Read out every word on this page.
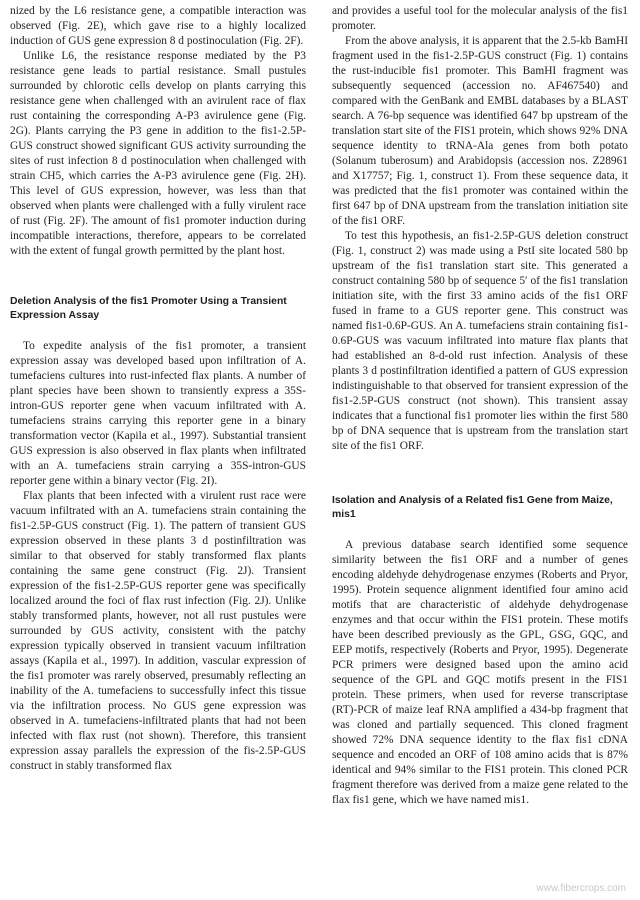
nized by the L6 resistance gene, a compatible interaction was observed (Fig. 2E), which gave rise to a highly localized induction of GUS gene expression 8 d postinoculation (Fig. 2F).

Unlike L6, the resistance response mediated by the P3 resistance gene leads to partial resistance. Small pustules surrounded by chlorotic cells develop on plants carrying this resistance gene when challenged with an avirulent race of flax rust containing the corresponding A-P3 avirulence gene (Fig. 2G). Plants carrying the P3 gene in addition to the fis1-2.5P-GUS construct showed significant GUS activity surrounding the sites of rust infection 8 d postinoculation when challenged with strain CH5, which carries the A-P3 avirulence gene (Fig. 2H). This level of GUS expression, however, was less than that observed when plants were challenged with a fully virulent race of rust (Fig. 2F). The amount of fis1 promoter induction during incompatible interactions, therefore, appears to be correlated with the extent of fungal growth permitted by the plant host.

Deletion Analysis of the fis1 Promoter Using a Transient Expression Assay

To expedite analysis of the fis1 promoter, a transient expression assay was developed based upon infiltration of A. tumefaciens cultures into rust-infected flax plants. A number of plant species have been shown to transiently express a 35S-intron-GUS reporter gene when vacuum infiltrated with A. tumefaciens strains carrying this reporter gene in a binary transformation vector (Kapila et al., 1997). Substantial transient GUS expression is also observed in flax plants when infiltrated with an A. tumefaciens strain carrying a 35S-intron-GUS reporter gene within a binary vector (Fig. 2I).

Flax plants that been infected with a virulent rust race were vacuum infiltrated with an A. tumefaciens strain containing the fis1-2.5P-GUS construct (Fig. 1). The pattern of transient GUS expression observed in these plants 3 d postinfiltration was similar to that observed for stably transformed flax plants containing the same gene construct (Fig. 2J). Transient expression of the fis1-2.5P-GUS reporter gene was specifically localized around the foci of flax rust infection (Fig. 2J). Unlike stably transformed plants, however, not all rust pustules were surrounded by GUS activity, consistent with the patchy expression typically observed in transient vacuum infiltration assays (Kapila et al., 1997). In addition, vascular expression of the fis1 promoter was rarely observed, presumably reflecting an inability of the A. tumefaciens to successfully infect this tissue via the infiltration process. No GUS gene expression was observed in A. tumefaciens-infiltrated plants that had not been infected with flax rust (not shown). Therefore, this transient expression assay parallels the expression of the fis-2.5P-GUS construct in stably transformed flax

and provides a useful tool for the molecular analysis of the fis1 promoter.

From the above analysis, it is apparent that the 2.5-kb BamHI fragment used in the fis1-2.5P-GUS construct (Fig. 1) contains the rust-inducible fis1 promoter. This BamHI fragment was subsequently sequenced (accession no. AF467540) and compared with the GenBank and EMBL databases by a BLAST search. A 76-bp sequence was identified 647 bp upstream of the translation start site of the FIS1 protein, which shows 92% DNA sequence identity to tRNA-Ala genes from both potato (Solanum tuberosum) and Arabidopsis (accession nos. Z28961 and X17757; Fig. 1, construct 1). From these sequence data, it was predicted that the fis1 promoter was contained within the first 647 bp of DNA upstream from the translation initiation site of the fis1 ORF.

To test this hypothesis, an fis1-2.5P-GUS deletion construct (Fig. 1, construct 2) was made using a PstI site located 580 bp upstream of the fis1 translation start site. This generated a construct containing 580 bp of sequence 5′ of the fis1 translation initiation site, with the first 33 amino acids of the fis1 ORF fused in frame to a GUS reporter gene. This construct was named fis1-0.6P-GUS. An A. tumefaciens strain containing fis1-0.6P-GUS was vacuum infiltrated into mature flax plants that had established an 8-d-old rust infection. Analysis of these plants 3 d postinfiltration identified a pattern of GUS expression indistinguishable to that observed for transient expression of the fis1-2.5P-GUS construct (not shown). This transient assay indicates that a functional fis1 promoter lies within the first 580 bp of DNA sequence that is upstream from the translation start site of the fis1 ORF.

Isolation and Analysis of a Related fis1 Gene from Maize, mis1

A previous database search identified some sequence similarity between the fis1 ORF and a number of genes encoding aldehyde dehydrogenase enzymes (Roberts and Pryor, 1995). Protein sequence alignment identified four amino acid motifs that are characteristic of aldehyde dehydrogenase enzymes and that occur within the FIS1 protein. These motifs have been described previously as the GPL, GSG, GQC, and EEP motifs, respectively (Roberts and Pryor, 1995). Degenerate PCR primers were designed based upon the amino acid sequence of the GPL and GQC motifs present in the FIS1 protein. These primers, when used for reverse transcriptase (RT)-PCR of maize leaf RNA amplified a 434-bp fragment that was cloned and partially sequenced. This cloned fragment showed 72% DNA sequence identity to the flax fis1 cDNA sequence and encoded an ORF of 108 amino acids that is 87% identical and 94% similar to the FIS1 protein. This cloned PCR fragment therefore was derived from a maize gene related to the flax fis1 gene, which we have named mis1.

www.fibercrops.com
